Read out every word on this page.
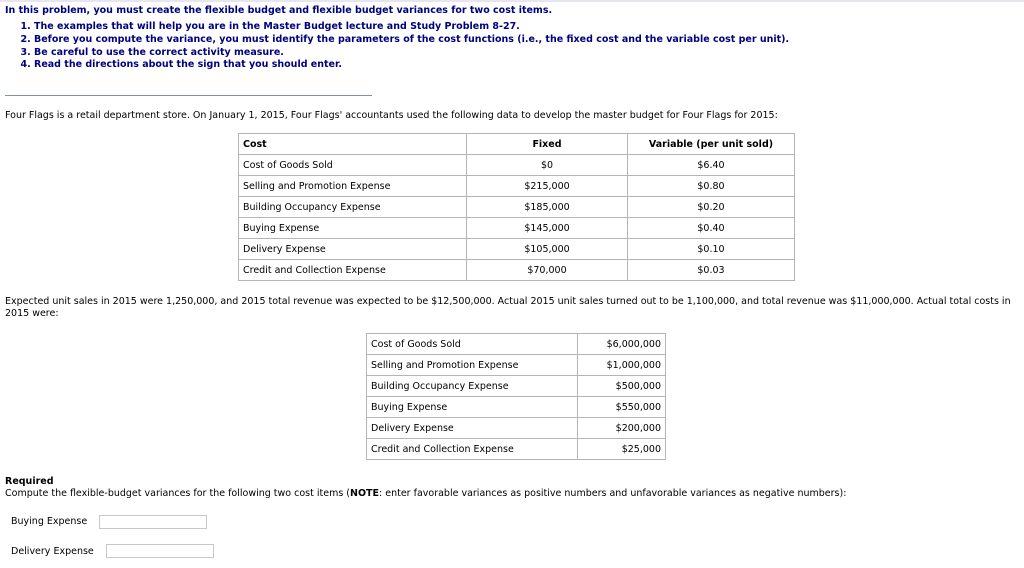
In this problem, you must create the flexible budget and flexible budget variances for two cost items.

1. The examples that will help you are in the Master Budget lecture and Study Problem 8-27.
2. Before you compute the variance, you must identify the parameters of the cost functions (i.e., the fixed cost and the variable cost per unit).
3. Be careful to use the correct activity measure.
4. Read the directions about the sign that you should enter.
Four Flags is a retail department store. On January 1, 2015, Four Flags' accountants used the following data to develop the master budget for Four Flags for 2015:
Cost	Fixed	Variable (per unit sold)
Cost of Goods Sold	$0	$6.40
Selling and Promotion Expense	$215,000	$0.80
Building Occupancy Expense	$185,000	$0.20
Buying Expense	$145,000	$0.40
Delivery Expense	$105,000	$0.10
Credit and Collection Expense	$70,000	$0.03
Expected unit sales in 2015 were 1,250,000, and 2015 total revenue was expected to be $12,500,000. Actual 2015 unit sales turned out to be 1,100,000, and total revenue was $11,000,000. Actual total costs in 2015 were:
Cost of Goods Sold	$6,000,000
Selling and Promotion Expense	$1,000,000
Building Occupancy Expense	$500,000
Buying Expense	$550,000
Delivery Expense	$200,000
Credit and Collection Expense	$25,000
Required
Compute the flexible-budget variances for the following two cost items (NOTE: enter favorable variances as positive numbers and unfavorable variances as negative numbers):
Buying Expense
Delivery Expense
